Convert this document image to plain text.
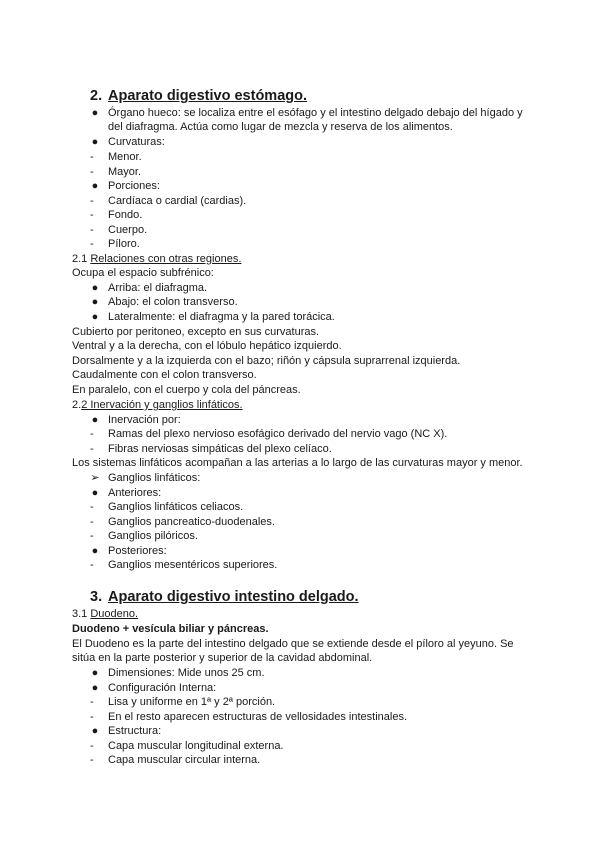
2. Aparato digestivo estómago.
● Órgano hueco: se localiza entre el esófago y el intestino delgado debajo del hígado y
del diafragma. Actúa como lugar de mezcla y reserva de los alimentos.
● Curvaturas:
-	Menor.
-	Mayor.
● Porciones:
-	Cardíaca o cardial (cardias).
-	Fondo.
-	Cuerpo.
-	Píloro.
2.1 Relaciones con otras regiones.
Ocupa el espacio subfrénico:
● Arriba: el diafragma.
● Abajo: el colon transverso.
● Lateralmente: el diafragma y la pared torácica.
Cubierto por peritoneo, excepto en sus curvaturas.
Ventral y a la derecha, con el lóbulo hepático izquierdo.
Dorsalmente y a la izquierda con el bazo; riñón y cápsula suprarrenal izquierda.
Caudalmente con el colon transverso.
En paralelo, con el cuerpo y cola del páncreas.
2.2 Inervación y ganglios linfáticos.
● Inervación por:
-	Ramas del plexo nervioso esofágico derivado del nervio vago (NC X).
-	Fibras nerviosas simpáticas del plexo celíaco.
Los sistemas linfáticos acompañan a las arterias a lo largo de las curvaturas mayor y menor.
➢ Ganglios linfáticos:
● Anteriores:
-	Ganglios linfáticos celiacos.
-	Ganglios pancreatico-duodenales.
-	Ganglios pilóricos.
● Posteriores:
-	Ganglios mesentéricos superiores.
3. Aparato digestivo intestino delgado.
3.1 Duodeno.
Duodeno + vesícula biliar y páncreas.
El Duodeno es la parte del intestino delgado que se extiende desde el píloro al yeyuno. Se
sitúa en la parte posterior y superior de la cavidad abdominal.
● Dimensiones: Mide unos 25 cm.
● Configuración Interna:
-	Lisa y uniforme en 1ª y 2ª porción.
-	En el resto aparecen estructuras de vellosidades intestinales.
● Estructura:
-	Capa muscular longitudinal externa.
-	Capa muscular circular interna.
